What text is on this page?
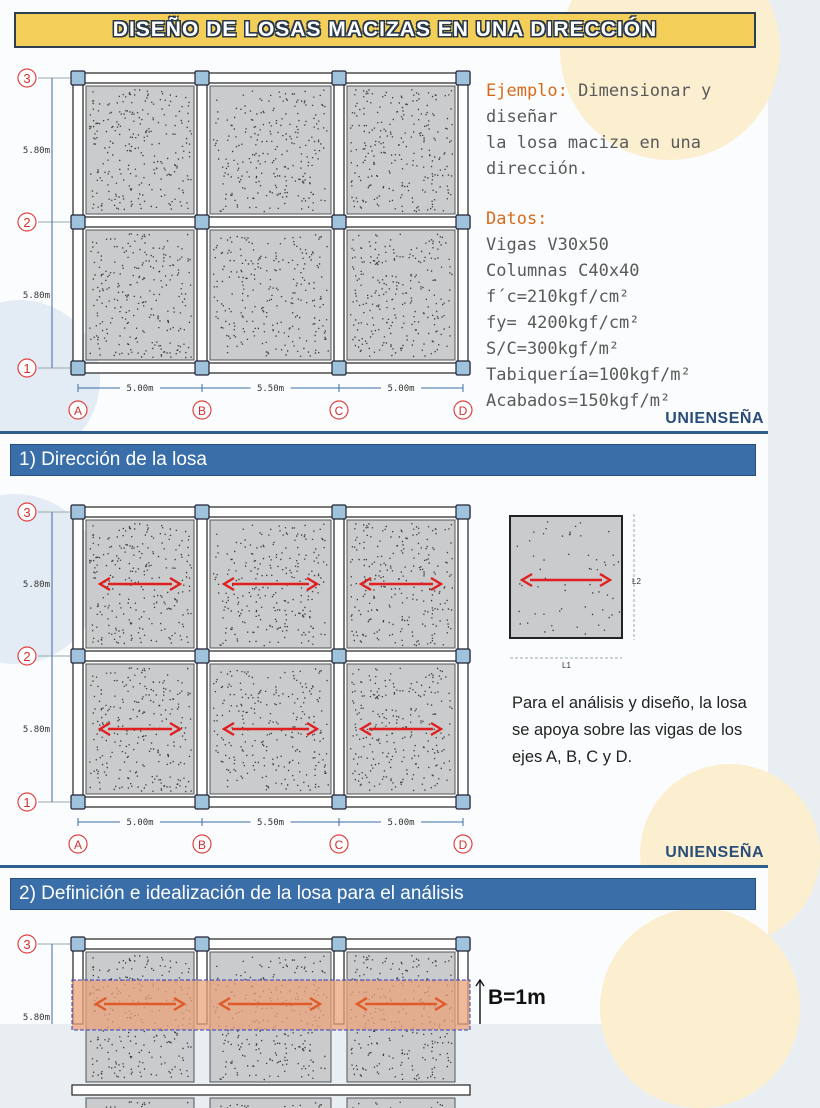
DISEÑO DE LOSAS MACIZAS EN UNA DIRECCIÓN
3
2
1
5.80m
5.80m
5.00m	5.50m	5.00m
A	B	C	D
Ejemplo: Dimensionar y diseñar
la losa maciza en una dirección.
Datos:
Vigas V30x50
Columnas C40x40
f´c=210kgf/cm²
fy= 4200kgf/cm²
S/C=300kgf/m²
Tabiquería=100kgf/m²
Acabados=150kgf/m²
UNIENSEÑA
1) Dirección de la losa
3
2
1
5.80m
5.80m
5.00m	5.50m	5.00m
A	B	C	D
L2
L1
Para el análisis y diseño, la losa se apoya sobre las vigas de los ejes A, B, C y D.
UNIENSEÑA
2) Definición e idealización de la losa para el análisis
3
5.80m
B=1m
